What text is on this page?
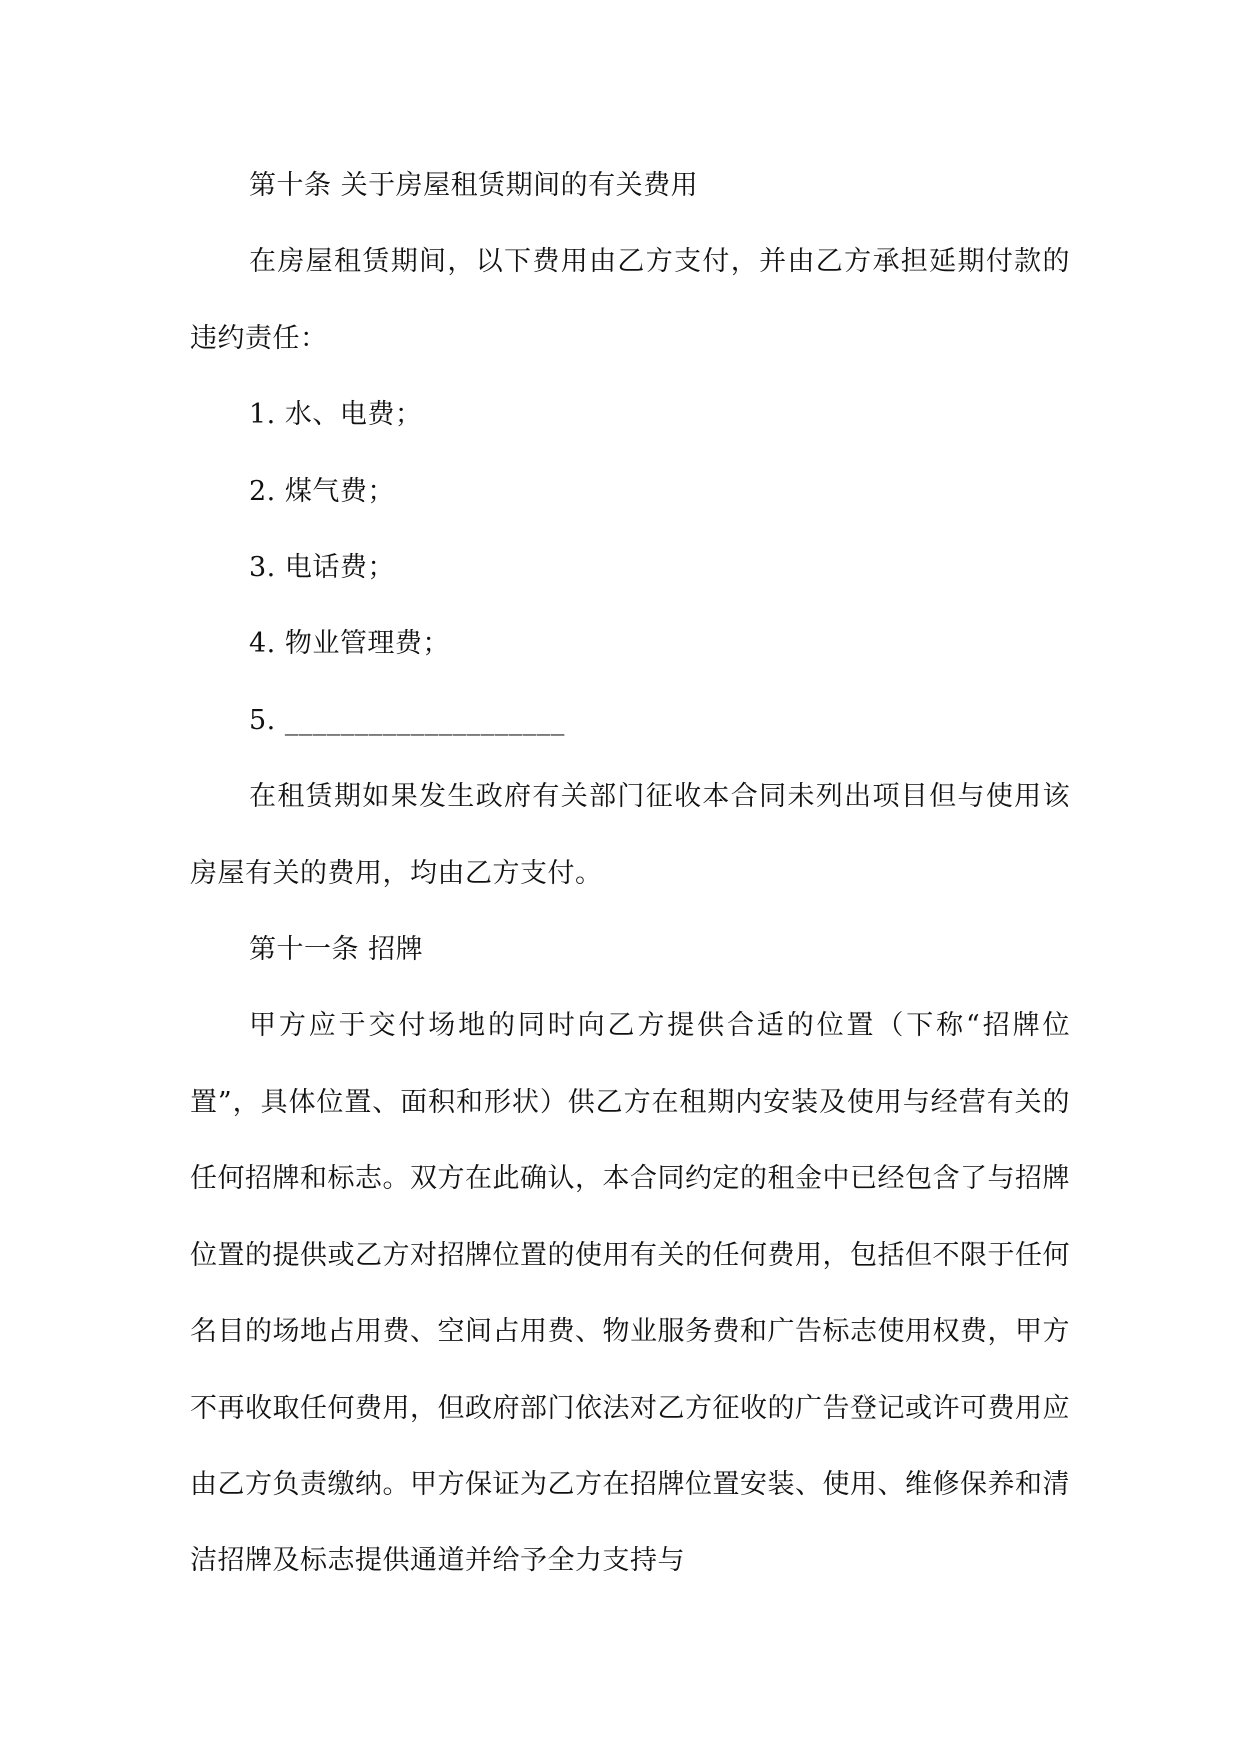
第十条 关于房屋租赁期间的有关费用

在房屋租赁期间，以下费用由乙方支付，并由乙方承担延期付款的违约责任：

1. 水、电费；

2. 煤气费；

3. 电话费；

4. 物业管理费；

5. ____________________

在租赁期如果发生政府有关部门征收本合同未列出项目但与使用该房屋有关的费用，均由乙方支付。

第十一条 招牌

甲方应于交付场地的同时向乙方提供合适的位置（下称“招牌位置”，具体位置、面积和形状）供乙方在租期内安装及使用与经营有关的任何招牌和标志。双方在此确认，本合同约定的租金中已经包含了与招牌位置的提供或乙方对招牌位置的使用有关的任何费用，包括但不限于任何名目的场地占用费、空间占用费、物业服务费和广告标志使用权费，甲方不再收取任何费用，但政府部门依法对乙方征收的广告登记或许可费用应由乙方负责缴纳。甲方保证为乙方在招牌位置安装、使用、维修保养和清洁招牌及标志提供通道并给予全力支持与
